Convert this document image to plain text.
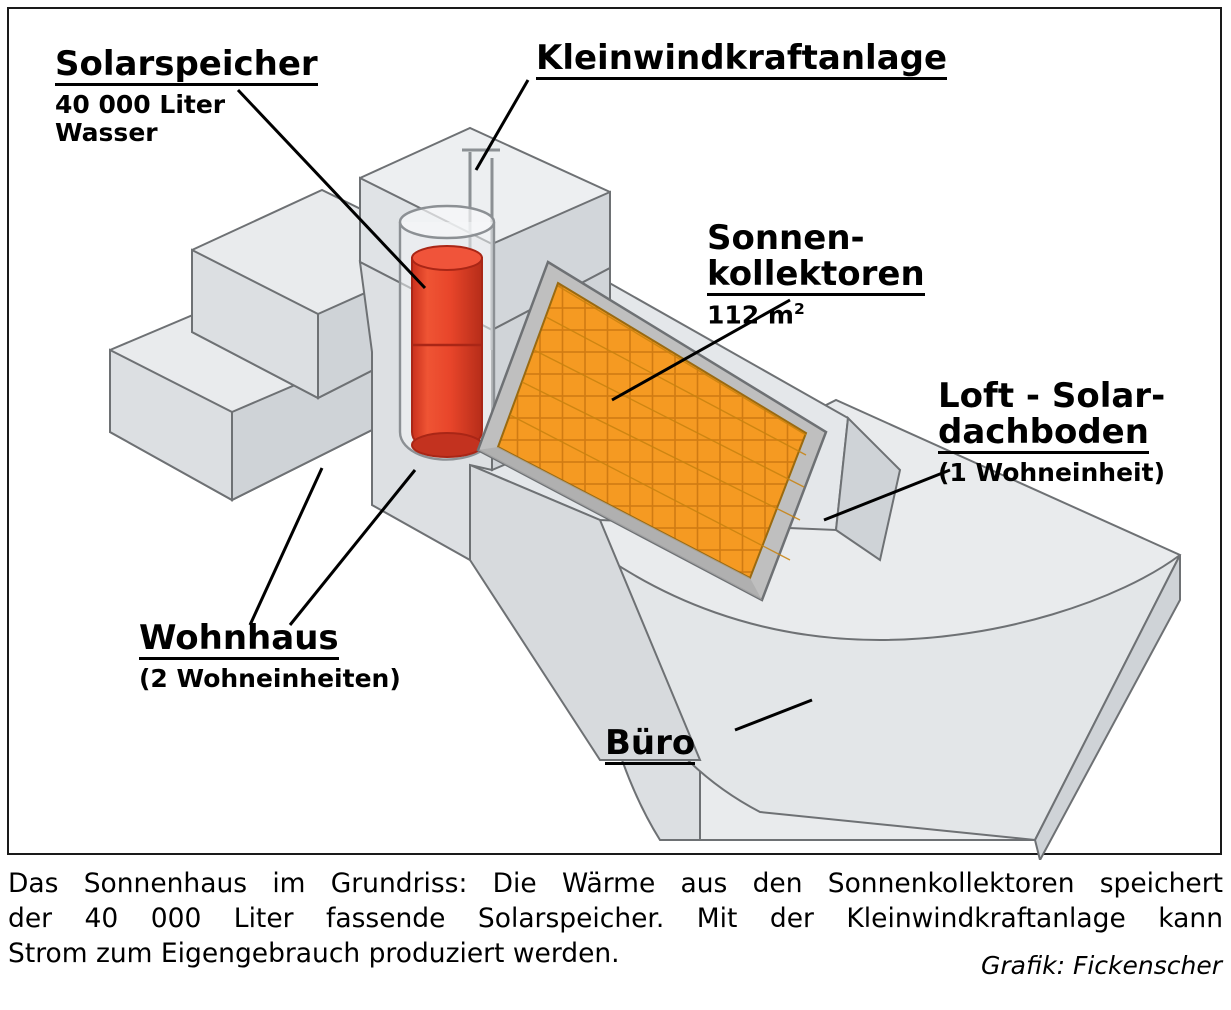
Solarspeicher
40 000 Liter
Wasser
Kleinwindkraftanlage
Sonnen-
kollektoren
112 $m^2$
Loft - Solar-
dachboden
(1 Wohneinheit)
Wohnhaus
(2 Wohneinheiten)
Büro
Das Sonnenhaus im Grundriss: Die Wärme aus den Sonnenkollektoren speichert
der 40 000 Liter fassende Solarspeicher. Mit der Kleinwindkraftanlage kann
Strom zum Eigengebrauch produziert werden.	Grafik: Fickenscher
